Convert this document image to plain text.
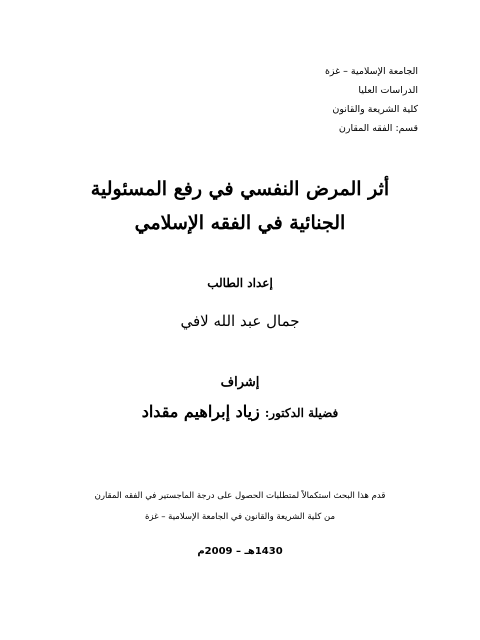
الجامعة الإسلامية – غزة
الدراسات العليا
كلية الشريعة والقانون
قسم: الفقه المقارن
أثر المرض النفسي في رفع المسئولية
الجنائية في الفقه الإسلامي
إعداد الطالب
جمال عبد الله لافي
إشراف
فضيلة الدكتور: زياد إبراهيم مقداد
قدم هذا البحث استكمالاً لمتطلبات الحصول على درجة الماجستير في الفقه المقارن
من كلية الشريعة والقانون في الجامعة الإسلامية – غزة
1430هـ – 2009م
